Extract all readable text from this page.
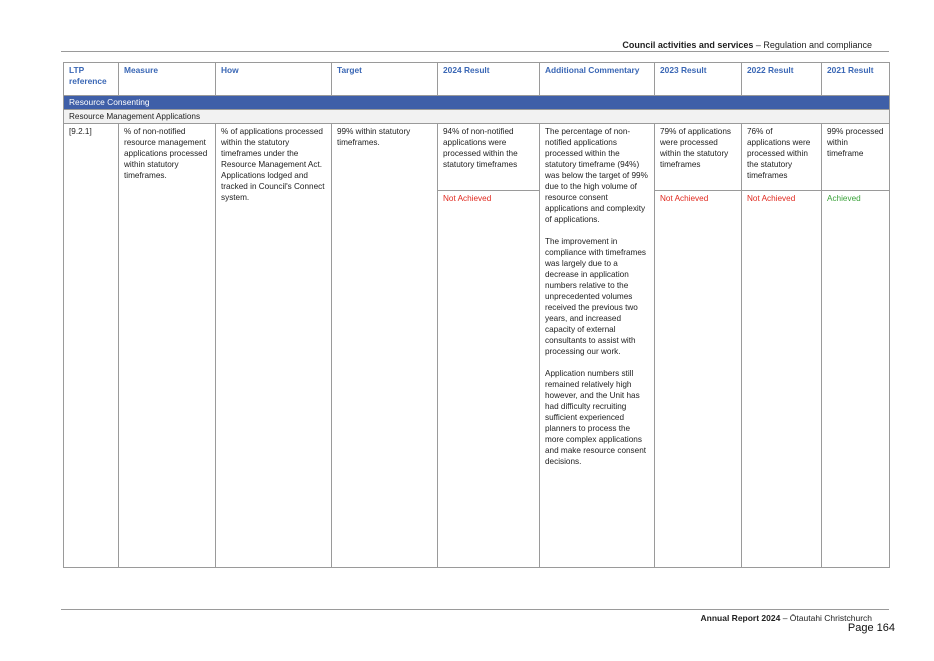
Council activities and services – Regulation and compliance
LTP reference	Measure	How	Target	2024 Result	Additional Commentary	2023 Result	2022 Result	2021 Result
Resource Consenting								
Resource Management Applications								
[9.2.1]	% of non-notified resource management applications processed within statutory timeframes.	% of applications processed within the statutory timeframes under the Resource Management Act. Applications lodged and tracked in Council's Connect system.	99% within statutory timeframes.	94% of non-notified applications were processed within the statutory timeframes	The percentage of non-notified applications processed within the statutory timeframe (94%) was below the target of 99% due to the high volume of resource consent applications and complexity of applications.

The improvement in compliance with timeframes was largely due to a decrease in application numbers relative to the unprecedented volumes received the previous two years, and increased capacity of external consultants to assist with processing our work.

Application numbers still remained relatively high however, and the Unit has had difficulty recruiting sufficient experienced planners to process the more complex applications and make resource consent decisions.	79% of applications were processed within the statutory timeframes	76% of applications were processed within the statutory timeframes	99% processed within timeframe
				Not Achieved		Not Achieved	Not Achieved	Achieved
Annual Report 2024 – Ōtautahi Christchurch
Page 164
